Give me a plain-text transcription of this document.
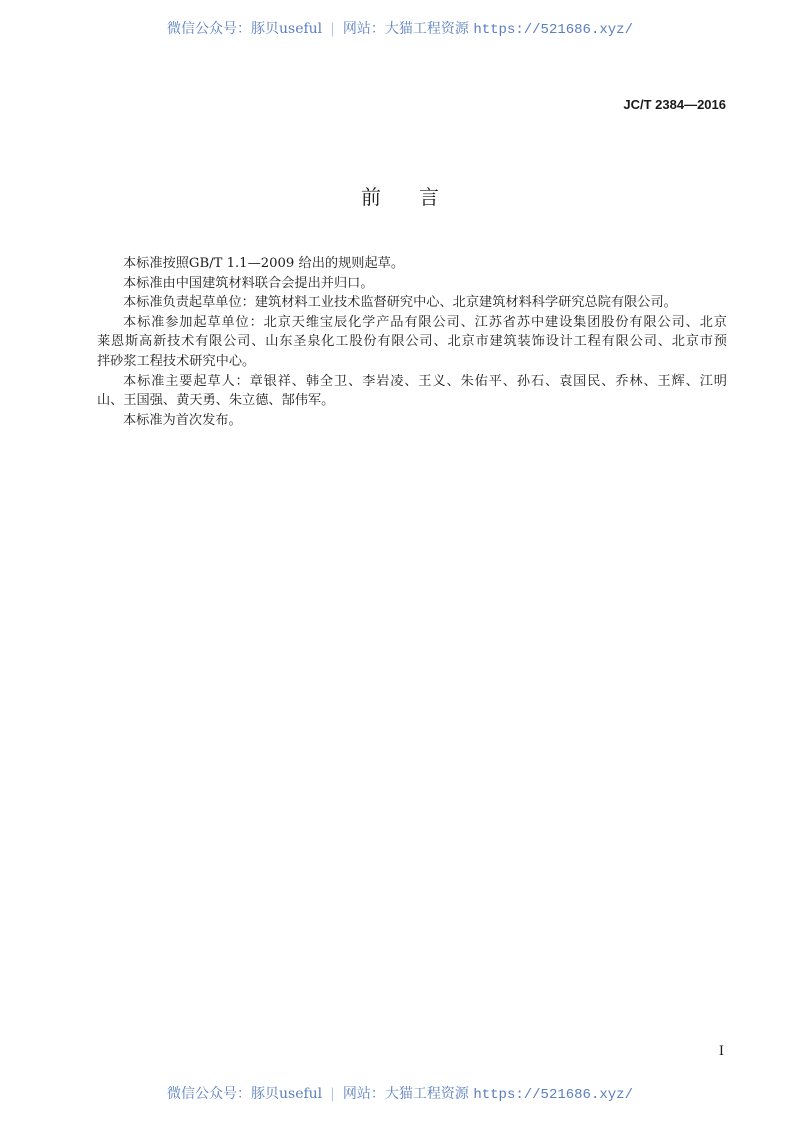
微信公众号：豚贝useful | 网站：大猫工程资源 https://521686.xyz/
JC/T 2384—2016
前言
本标准按照GB/T 1.1—2009 给出的规则起草。
本标准由中国建筑材料联合会提出并归口。
本标准负责起草单位：建筑材料工业技术监督研究中心、北京建筑材料科学研究总院有限公司。
本标准参加起草单位：北京天维宝辰化学产品有限公司、江苏省苏中建设集团股份有限公司、北京
莱恩斯高新技术有限公司、山东圣泉化工股份有限公司、北京市建筑装饰设计工程有限公司、北京市预
拌砂浆工程技术研究中心。
本标准主要起草人：章银祥、韩全卫、李岩凌、王义、朱佑平、孙石、袁国民、乔林、王辉、江明
山、王国强、黄天勇、朱立德、郜伟军。
本标准为首次发布。
I
微信公众号：豚贝useful | 网站：大猫工程资源 https://521686.xyz/
